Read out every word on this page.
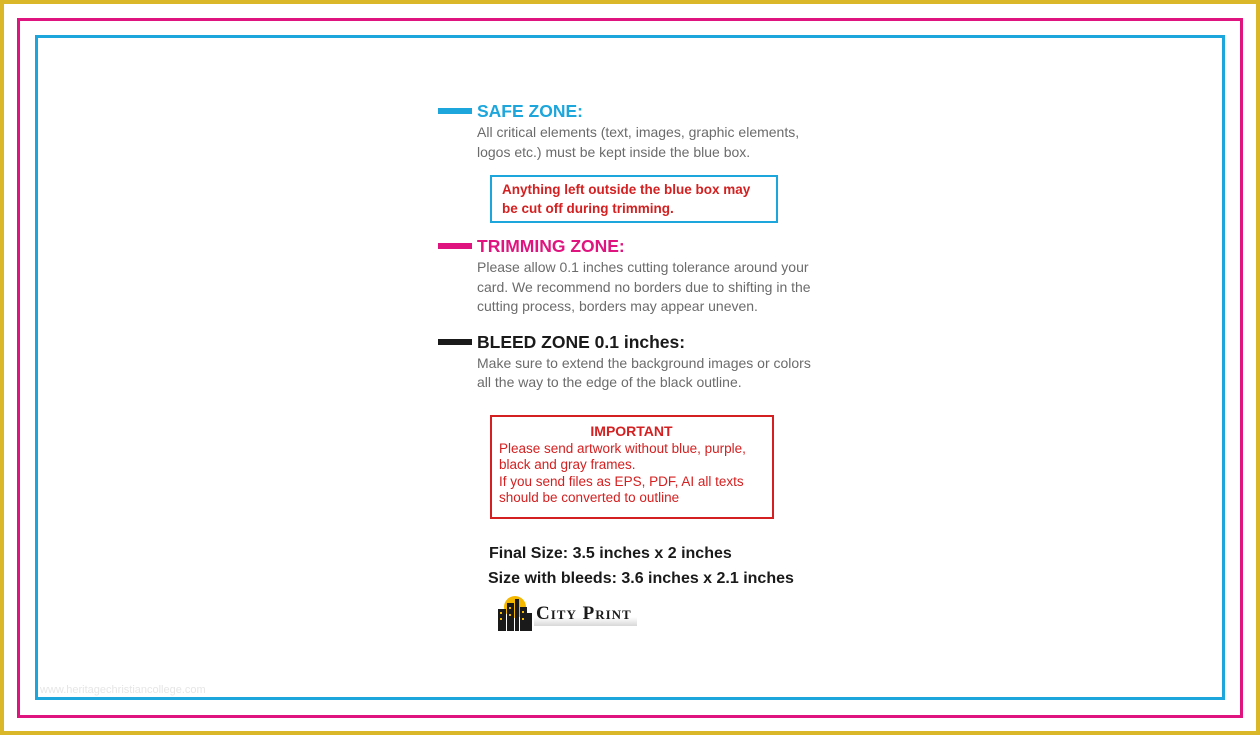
SAFE ZONE:
All critical elements (text, images, graphic elements,
logos etc.) must be kept inside the blue box.
Anything left outside the blue box may
be cut off during trimming.
TRIMMING ZONE:
Please allow 0.1 inches cutting tolerance around your
card. We recommend no borders due to shifting in the
cutting process, borders may appear uneven.
BLEED ZONE 0.1 inches:
Make sure to extend the background images or colors
all the way to the edge of the black outline.
IMPORTANT
Please send artwork without blue, purple, black and gray frames.
If you send files as EPS, PDF, AI all texts should be converted to outline
Final Size: 3.5 inches x 2 inches
Size with bleeds: 3.6 inches x 2.1 inches
City Print
www.heritagechristiancollege.com
